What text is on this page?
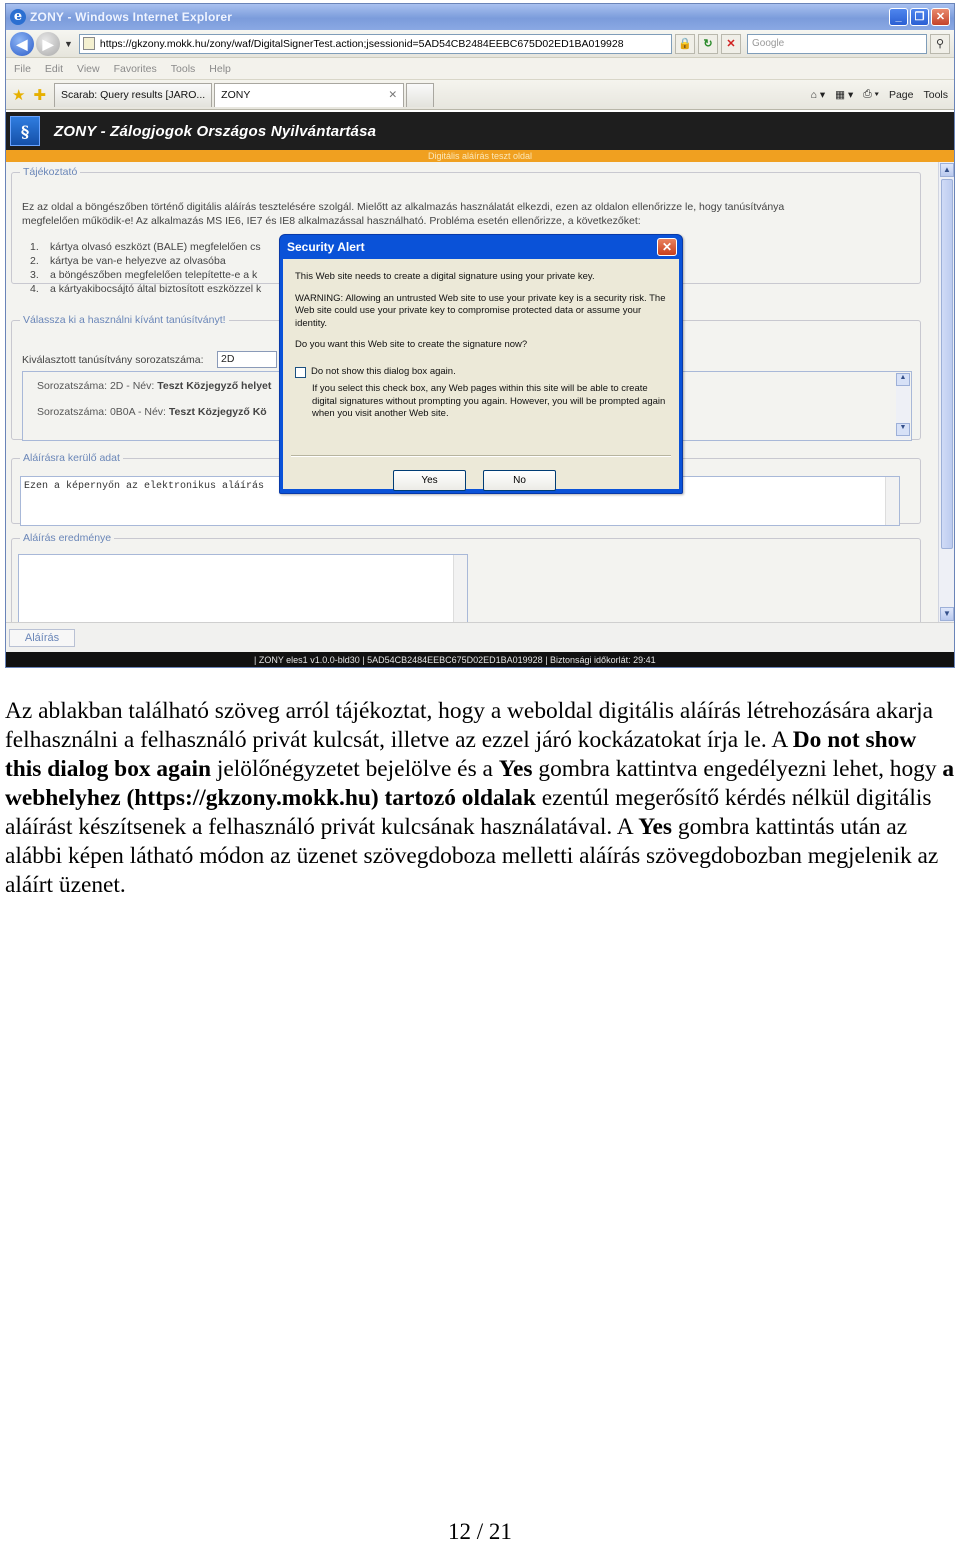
e ZONY - Windows Internet Explorer	_	❐	✕
◀	▶	▼	https://gkzony.mokk.hu/zony/waf/DigitalSignerTest.action;jsessionid=5AD54CB2484EEBC675D02ED1BA019928	🔒	↻	✕	Google	⚲
File Edit View Favorites Tools Help
★ ✚	Scarab: Query results [JARO...	ZONY	✕	⌂ ▾ ▦ ▾ ⎙ ▾ Page Tools
§	ZONY - Zálogjogok Országos Nyilvántartása
Digitális aláírás teszt oldal
Tájékoztató
Ez az oldal a böngészőben történő digitális aláírás tesztelésére szolgál. Mielőtt az alkalmazás használatát elkezdi, ezen az oldalon ellenőrizze le, hogy tanúsítványa
megfelelően működik-e! Az alkalmazás MS IE6, IE7 és IE8 alkalmazással használható. Probléma esetén ellenőrizze, a következőket:
1. kártya olvasó eszközt (BALE) megfelelően cs
2. kártya be van-e helyezve az olvasóba
3. a böngészőben megfelelően telepítette-e a k
4. a kártyakibocsájtó által biztosított eszközzel k
Válassza ki a használni kívánt tanúsítványt!
Kiválasztott tanúsítvány sorozatszáma:	2D
Sorozatszáma: 2D - Név: Teszt Közjegyző helyet
Sorozatszáma: 0B0A - Név: Teszt Közjegyző Kö
▲
▼
Aláírásra kerülő adat
Ezen a képernyőn az elektronikus aláírás
Aláírás eredménye
▲
▼
Aláírás
| ZONY eles1 v1.0.0-bld30 | 5AD54CB2484EEBC675D02ED1BA019928 | Biztonsági időkorlát: 29:41
Security Alert	✕

This Web site needs to create a digital signature using your private key.

WARNING: Allowing an untrusted Web site to use your private key is a security risk. The Web site could use your private key to compromise protected data or assume your identity.

Do you want this Web site to create the signature now?

Do not show this dialog box again.
If you select this check box, any Web pages within this site will be able to create digital signatures without prompting you again. However, you will be prompted again when you visit another Web site.
Yes	No

Az ablakban található szöveg arról tájékoztat, hogy a weboldal digitális aláírás létrehozására akarja felhasználni a felhasználó privát kulcsát, illetve az ezzel járó kockázatokat írja le. A Do not show this dialog box again jelölőnégyzetet bejelölve és a Yes gombra kattintva engedélyezni lehet, hogy a webhelyhez (https://gkzony.mokk.hu) tartozó oldalak ezentúl megerősítő kérdés nélkül digitális aláírást készítsenek a felhasználó privát kulcsának használatával. A Yes gombra kattintás után az alábbi képen látható módon az üzenet szövegdoboza melletti aláírás szövegdobozban megjelenik az aláírt üzenet.

12 / 21
